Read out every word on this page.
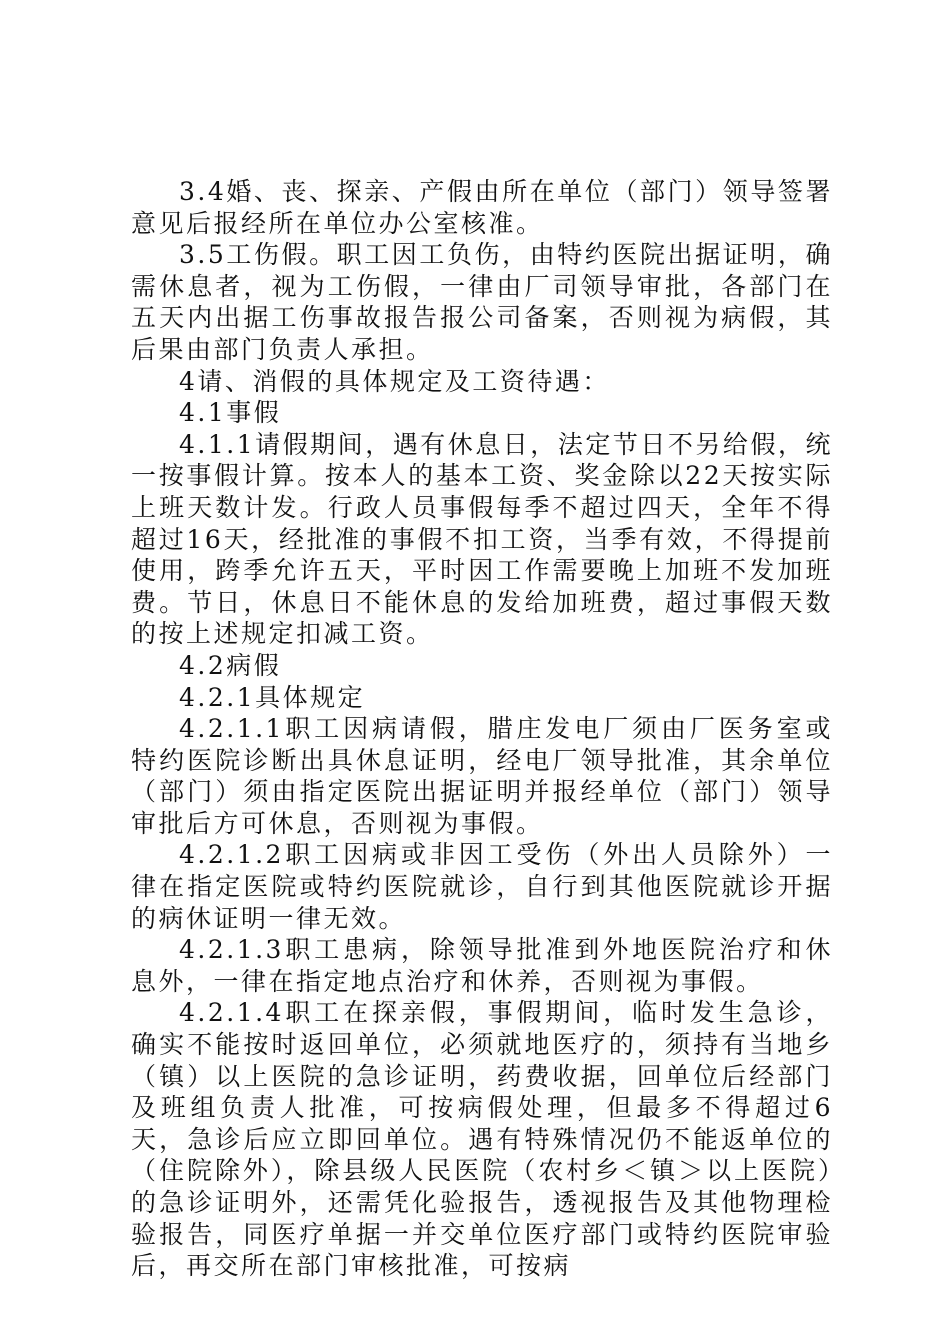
3.4婚、丧、探亲、产假由所在单位（部门）领导签署意见后报经所在单位办公室核准。

3.5工伤假。职工因工负伤，由特约医院出据证明，确需休息者，视为工伤假，一律由厂司领导审批，各部门在五天内出据工伤事故报告报公司备案，否则视为病假，其后果由部门负责人承担。

4请、消假的具体规定及工资待遇：

4.1事假

4.1.1请假期间，遇有休息日，法定节日不另给假，统一按事假计算。按本人的基本工资、奖金除以22天按实际上班天数计发。行政人员事假每季不超过四天，全年不得超过16天，经批准的事假不扣工资，当季有效，不得提前使用，跨季允许五天，平时因工作需要晚上加班不发加班费。节日，休息日不能休息的发给加班费，超过事假天数的按上述规定扣减工资。

4.2病假

4.2.1具体规定

4.2.1.1职工因病请假，腊庄发电厂须由厂医务室或特约医院诊断出具休息证明，经电厂领导批准，其余单位（部门）须由指定医院出据证明并报经单位（部门）领导审批后方可休息，否则视为事假。

4.2.1.2职工因病或非因工受伤（外出人员除外）一律在指定医院或特约医院就诊，自行到其他医院就诊开据的病休证明一律无效。

4.2.1.3职工患病，除领导批准到外地医院治疗和休息外，一律在指定地点治疗和休养，否则视为事假。

4.2.1.4职工在探亲假，事假期间，临时发生急诊，确实不能按时返回单位，必须就地医疗的，须持有当地乡（镇）以上医院的急诊证明，药费收据，回单位后经部门及班组负责人批准，可按病假处理，但最多不得超过6天，急诊后应立即回单位。遇有特殊情况仍不能返单位的（住院除外），除县级人民医院（农村乡＜镇＞以上医院）的急诊证明外，还需凭化验报告，透视报告及其他物理检验报告，同医疗单据一并交单位医疗部门或特约医院审验后，再交所在部门审核批准，可按病
